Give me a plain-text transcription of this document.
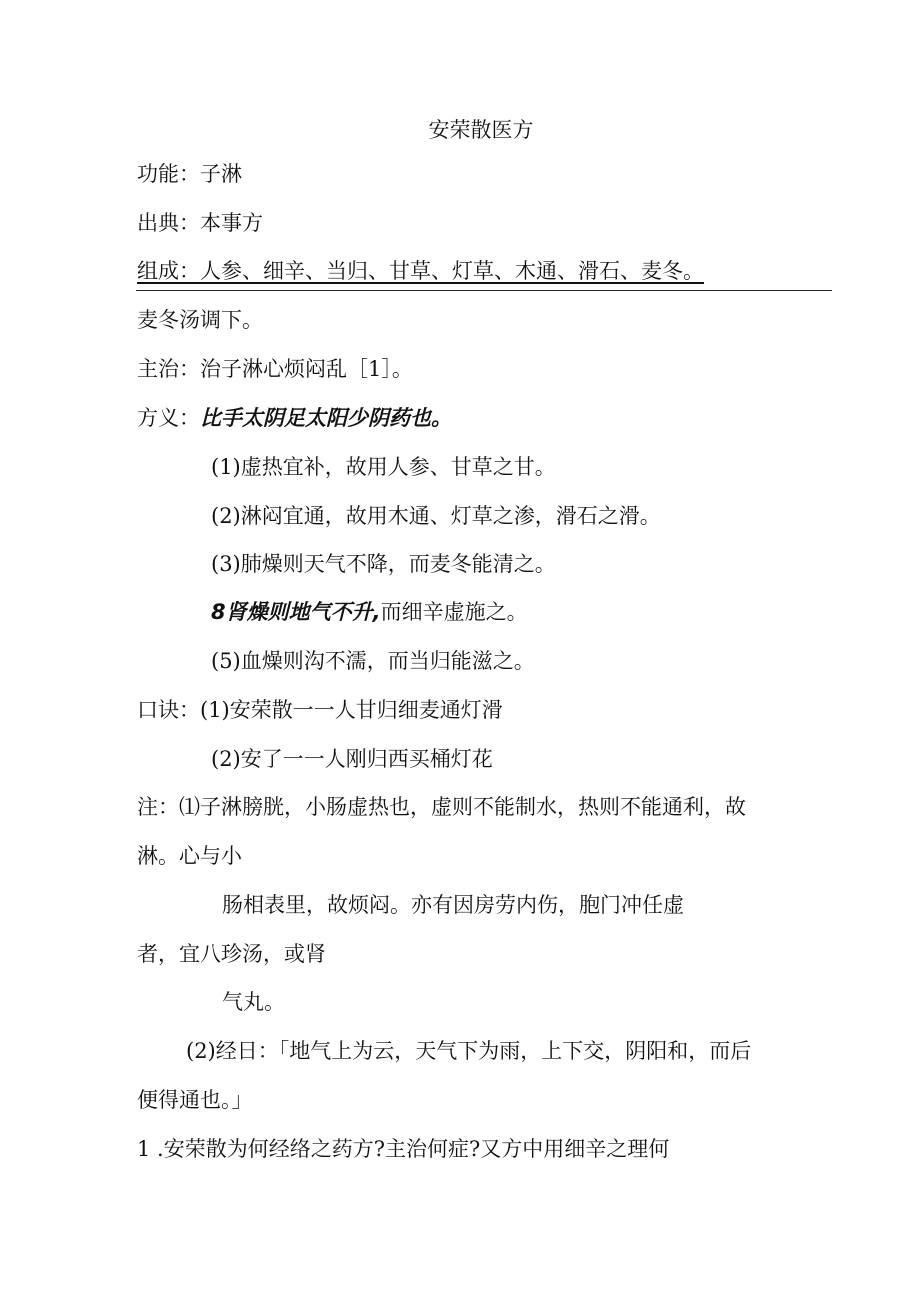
安荣散医方
功能：子淋
出典：本事方
组成：人参、细辛、当归、甘草、灯草、木通、滑石、麦冬。
麦冬汤调下。
主治：治子淋心烦闷乱［1］。
方义：比手太阴足太阳少阴药也。
(1)虚热宜补，故用人参、甘草之甘。
(2)淋闷宜通，故用木通、灯草之渗，滑石之滑。
(3)肺燥则天气不降，而麦冬能清之。
8肾燥则地气不升,而细辛虚施之。
(5)血燥则沟不濡，而当归能滋之。
口诀：(1)安荣散一一人甘归细麦通灯滑
(2)安了一一人刚归西买桶灯花
注：⑴子淋膀胱，小肠虚热也，虚则不能制水，热则不能通利，故
淋。心与小
肠相表里，故烦闷。亦有因房劳内伤，胞门冲任虚
者，宜八珍汤，或肾
气丸。
(2)经日：「地气上为云，天气下为雨，上下交，阴阳和，而后
便得通也。」
1 .安荣散为何经络之药方?主治何症?又方中用细辛之理何
